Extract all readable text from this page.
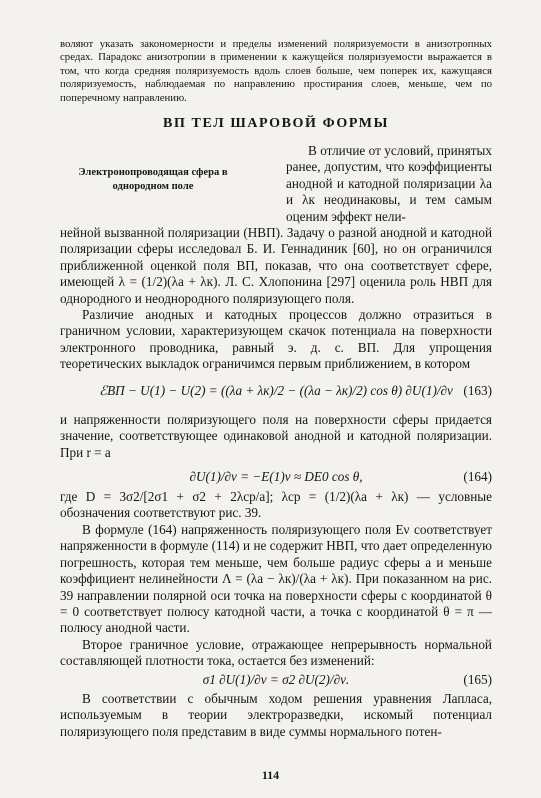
воляют указать закономерности и пределы изменений поляризуемости в анизотропных средах. Парадокс анизотропии в применении к кажущейся поляризуемости выражается в том, что когда средняя поляризуемость вдоль слоев больше, чем поперек их, кажущаяся поляризуемость, наблюдаемая по направлению простирания слоев, меньше, чем по поперечному направлению.

ВП ТЕЛ ШАРОВОЙ ФОРМЫ
Электронопроводящая сфера в однородном поле

В отличие от условий, принятых ранее, допустим, что коэффициенты анодной и катодной поляризации λа и λк неодинаковы, и тем самым оценим эффект нели-

нейной вызванной поляризации (НВП). Задачу о разной анодной и катодной поляризации сферы исследовал Б. И. Геннадиник [60], но он ограничился приближенной оценкой поля ВП, показав, что она соответствует сфере, имеющей λ = (1/2)(λа + λк). Л. С. Хлопонина [297] оценила роль НВП для однородного и неоднородного поляризующего поля.

Различие анодных и катодных процессов должно отразиться в граничном условии, характеризующем скачок потенциала на поверхности электронного проводника, равный э. д. с. ВП. Для упрощения теоретических выкладок ограничимся первым приближением, в котором

ℰВП − U(1) − U(2) = ((λа + λк)/2 − ((λа − λк)/2) cos θ) ∂U(1)/∂ν (163)

и напряженности поляризующего поля на поверхности сферы придается значение, соответствующее одинаковой анодной и катодной поляризации. При r = a

∂U(1)/∂ν = −E(1)ν ≈ DE0 cos θ,	(164)

где D = 3σ2/[2σ1 + σ2 + 2λср/a]; λср = (1/2)(λа + λк) — условные обозначения соответствуют рис. 39.

В формуле (164) напряженность поляризующего поля Eν соответствует напряженности в формуле (114) и не содержит НВП, что дает определенную погрешность, которая тем меньше, чем больше радиус сферы a и меньше коэффициент нелинейности Λ = (λа − λк)/(λа + λк). При показанном на рис. 39 направлении полярной оси точка на поверхности сферы с координатой θ = 0 соответствует полюсу катодной части, а точка с координатой θ = π — полюсу анодной части.

Второе граничное условие, отражающее непрерывность нормальной составляющей плотности тока, остается без изменений:

σ1 ∂U(1)/∂ν = σ2 ∂U(2)/∂ν.	(165)

В соответствии с обычным ходом решения уравнения Лапласа, используемым в теории электроразведки, искомый потенциал поляризующего поля представим в виде суммы нормального потен-

114
